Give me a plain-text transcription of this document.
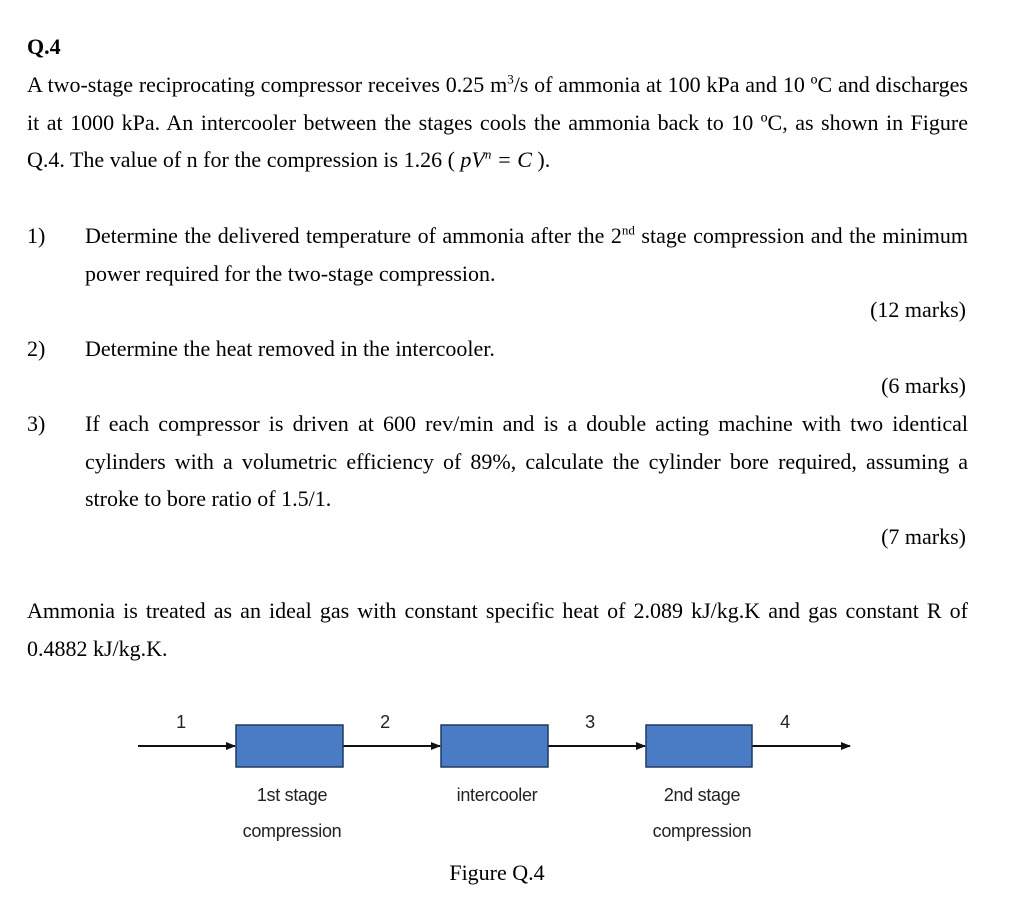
Q.4
A two-stage reciprocating compressor receives 0.25 $m^3/s$ of ammonia at 100 kPa and 10 ºC and discharges it at 1000 kPa. An intercooler between the stages cools the ammonia back to 10 ºC, as shown in Figure Q.4. The value of n for the compression is 1.26 ( $pV^n = C$ ).
1) Determine the delivered temperature of ammonia after the 2nd stage compression and the minimum power required for the two-stage compression.
(12 marks)
2) Determine the heat removed in the intercooler.
(6 marks)
3) If each compressor is driven at 600 rev/min and is a double acting machine with two identical cylinders with a volumetric efficiency of 89%, calculate the cylinder bore required, assuming a stroke to bore ratio of 1.5/1.
(7 marks)
Ammonia is treated as an ideal gas with constant specific heat of 2.089 kJ/kg.K and gas constant R of 0.4882 kJ/kg.K.
1	2	3	4
1st stage
compression
intercooler	2nd stage
compression
Figure Q.4
